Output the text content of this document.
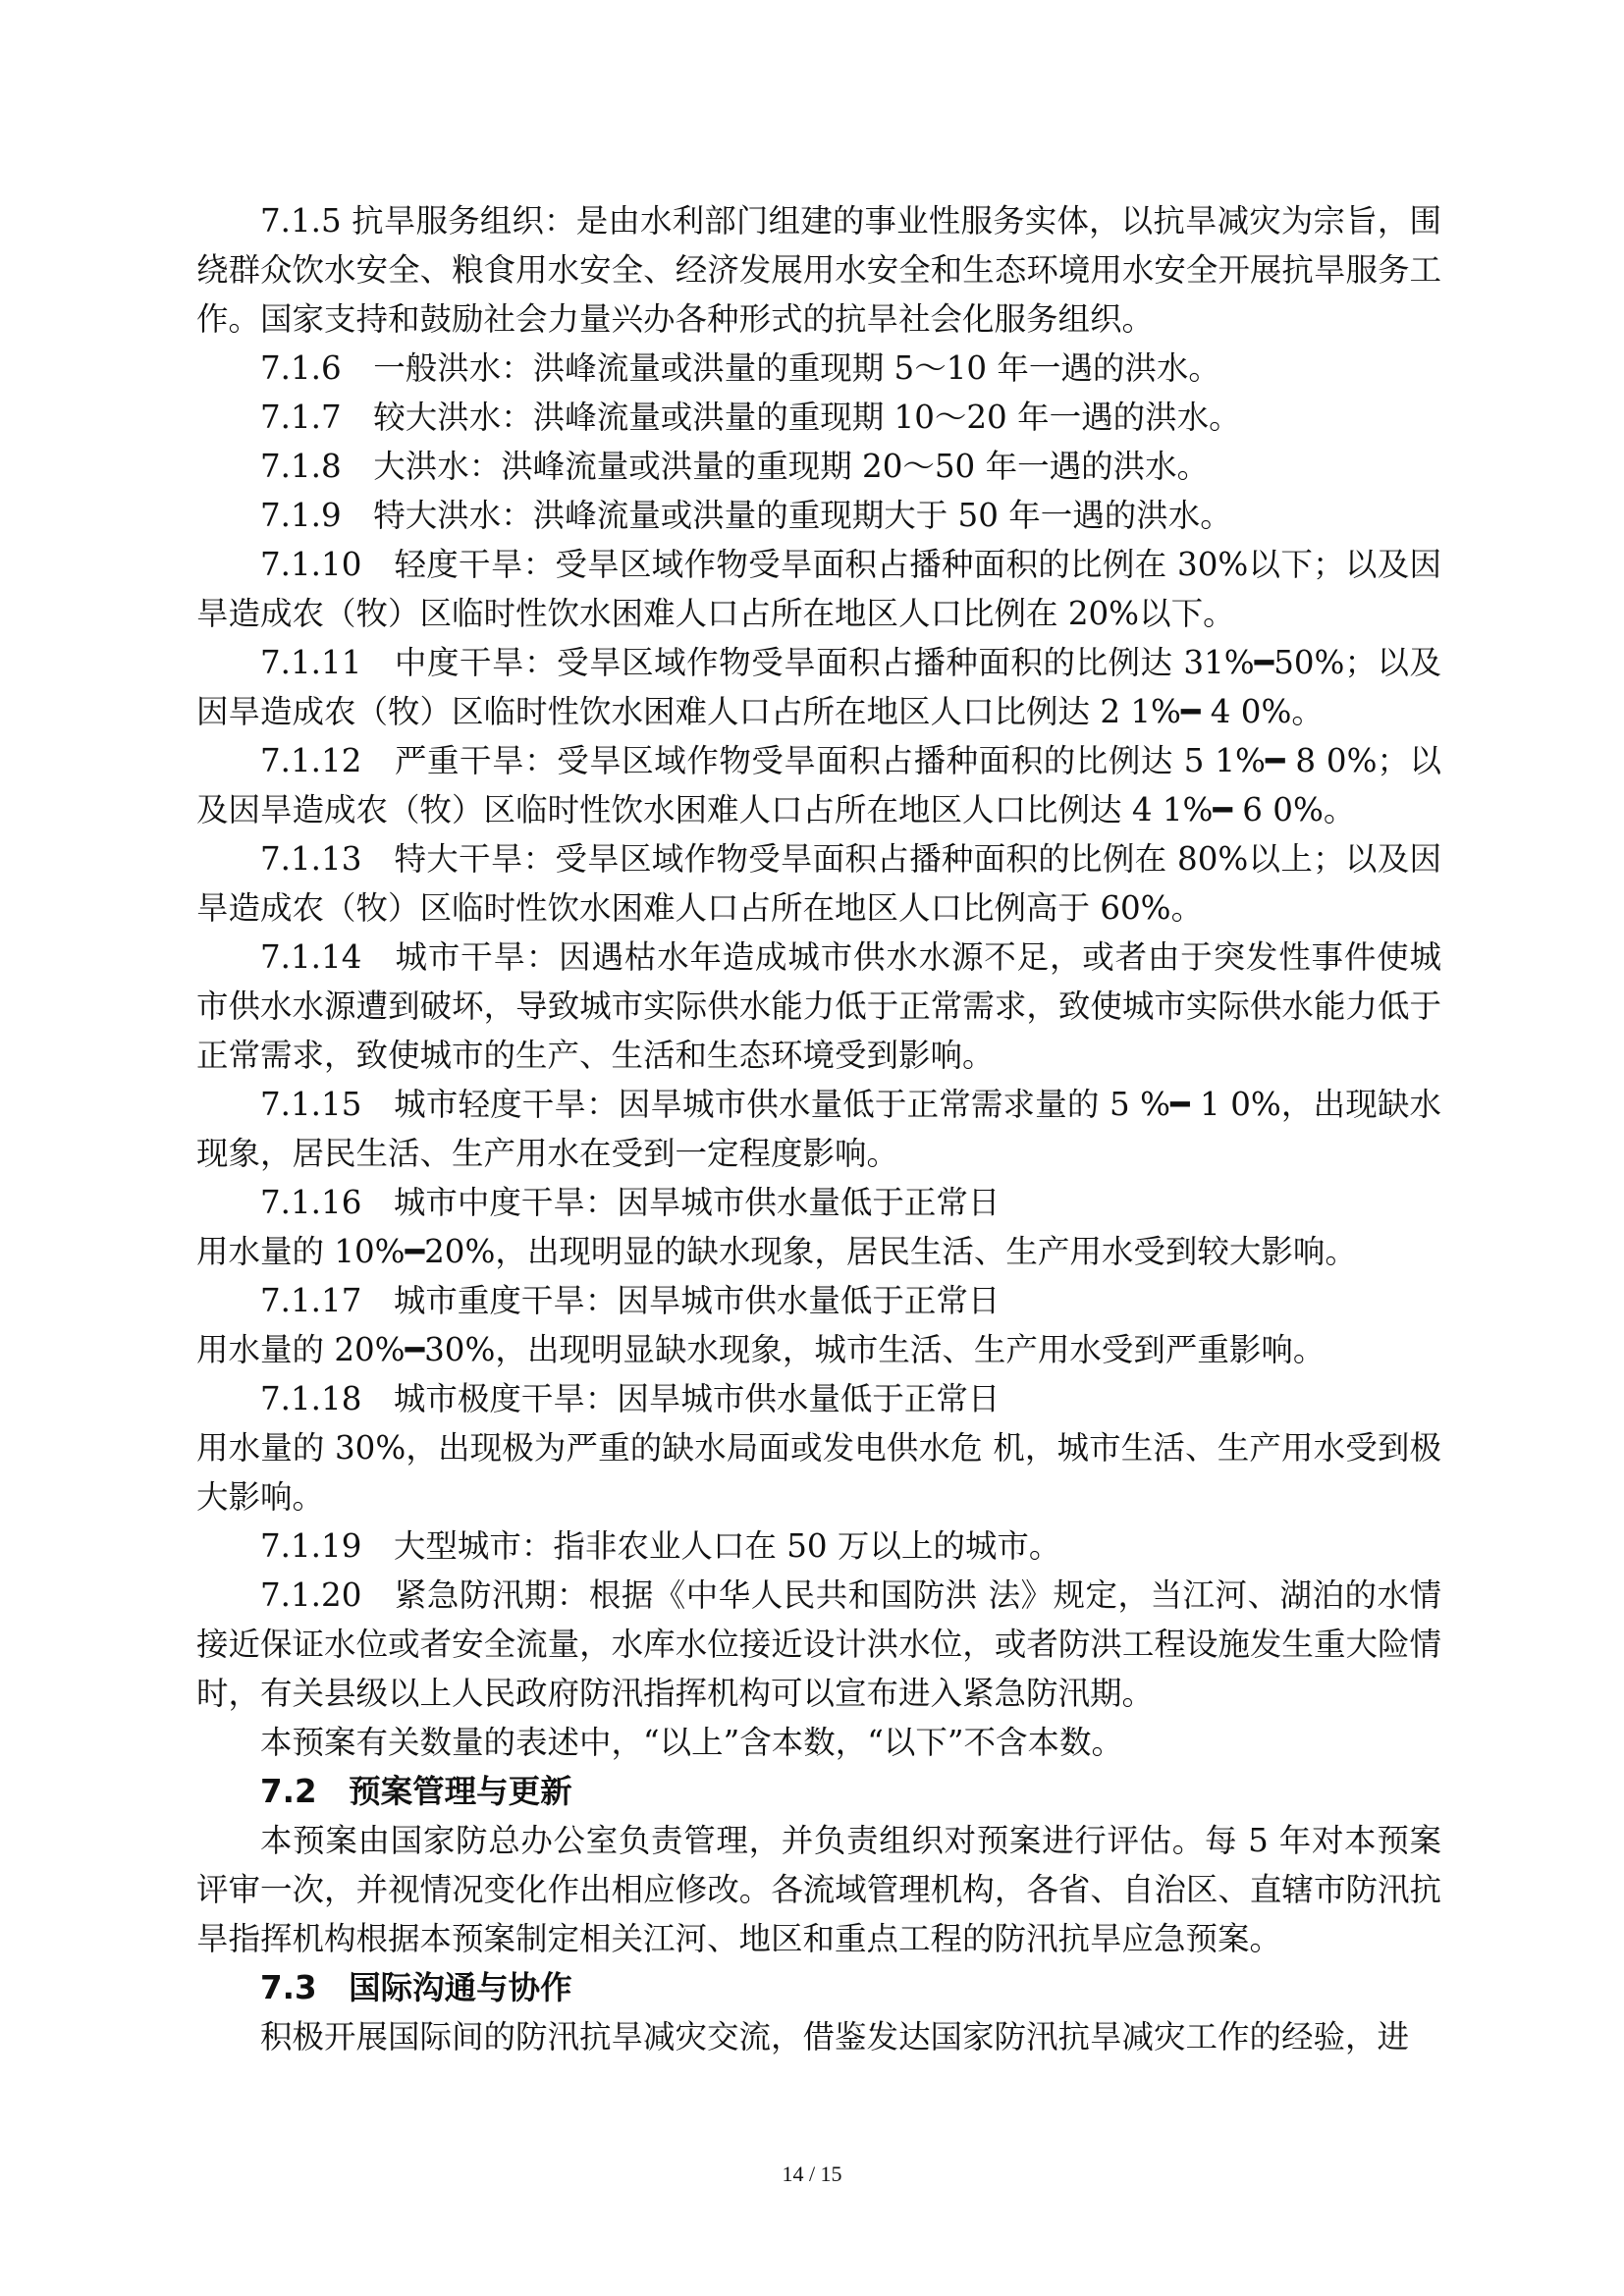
7.1.5 抗旱服务组织：是由水利部门组建的事业性服务实体，以抗旱减灾为宗旨，围绕群众饮水安全、粮食用水安全、经济发展用水安全和生态环境用水安全开展抗旱服务工作。国家支持和鼓励社会力量兴办各种形式的抗旱社会化服务组织。

7.1.6　一般洪水：洪峰流量或洪量的重现期 5～10 年一遇的洪水。

7.1.7　较大洪水：洪峰流量或洪量的重现期 10～20 年一遇的洪水。

7.1.8　大洪水：洪峰流量或洪量的重现期 20～50 年一遇的洪水。

7.1.9　特大洪水：洪峰流量或洪量的重现期大于 50 年一遇的洪水。

7.1.10　轻度干旱：受旱区域作物受旱面积占播种面积的比例在 30%以下；以及因旱造成农（牧）区临时性饮水困难人口占所在地区人口比例在 20%以下。

7.1.11　中度干旱：受旱区域作物受旱面积占播种面积的比例达 31%━50%；以及因旱造成农（牧）区临时性饮水困难人口占所在地区人口比例达 2 1%━ 4 0%。

7.1.12　严重干旱：受旱区域作物受旱面积占播种面积的比例达 5 1%━ 8 0%；以及因旱造成农（牧）区临时性饮水困难人口占所在地区人口比例达 4 1%━ 6 0%。

7.1.13　特大干旱：受旱区域作物受旱面积占播种面积的比例在 80%以上；以及因旱造成农（牧）区临时性饮水困难人口占所在地区人口比例高于 60%。

7.1.14　城市干旱：因遇枯水年造成城市供水水源不足，或者由于突发性事件使城市供水水源遭到破坏，导致城市实际供水能力低于正常需求，致使城市实际供水能力低于正常需求，致使城市的生产、生活和生态环境受到影响。

7.1.15　城市轻度干旱：因旱城市供水量低于正常需求量的 5 %━ 1 0%，出现缺水现象，居民生活、生产用水在受到一定程度影响。

7.1.16　城市中度干旱：因旱城市供水量低于正常日

用水量的 10%━20%，出现明显的缺水现象，居民生活、生产用水受到较大影响。

7.1.17　城市重度干旱：因旱城市供水量低于正常日

用水量的 20%━30%，出现明显缺水现象，城市生活、生产用水受到严重影响。

7.1.18　城市极度干旱：因旱城市供水量低于正常日

用水量的 30%，出现极为严重的缺水局面或发电供水危 机，城市生活、生产用水受到极大影响。

7.1.19　大型城市：指非农业人口在 50 万以上的城市。

7.1.20　紧急防汛期：根据《中华人民共和国防洪 法》规定，当江河、湖泊的水情接近保证水位或者安全流量，水库水位接近设计洪水位，或者防洪工程设施发生重大险情时，有关县级以上人民政府防汛指挥机构可以宣布进入紧急防汛期。

本预案有关数量的表述中，“以上”含本数，“以下”不含本数。

7.2　预案管理与更新

本预案由国家防总办公室负责管理，并负责组织对预案进行评估。每 5 年对本预案评审一次，并视情况变化作出相应修改。各流域管理机构，各省、自治区、直辖市防汛抗旱指挥机构根据本预案制定相关江河、地区和重点工程的防汛抗旱应急预案。

7.3　国际沟通与协作

积极开展国际间的防汛抗旱减灾交流，借鉴发达国家防汛抗旱减灾工作的经验，进

14 / 15
